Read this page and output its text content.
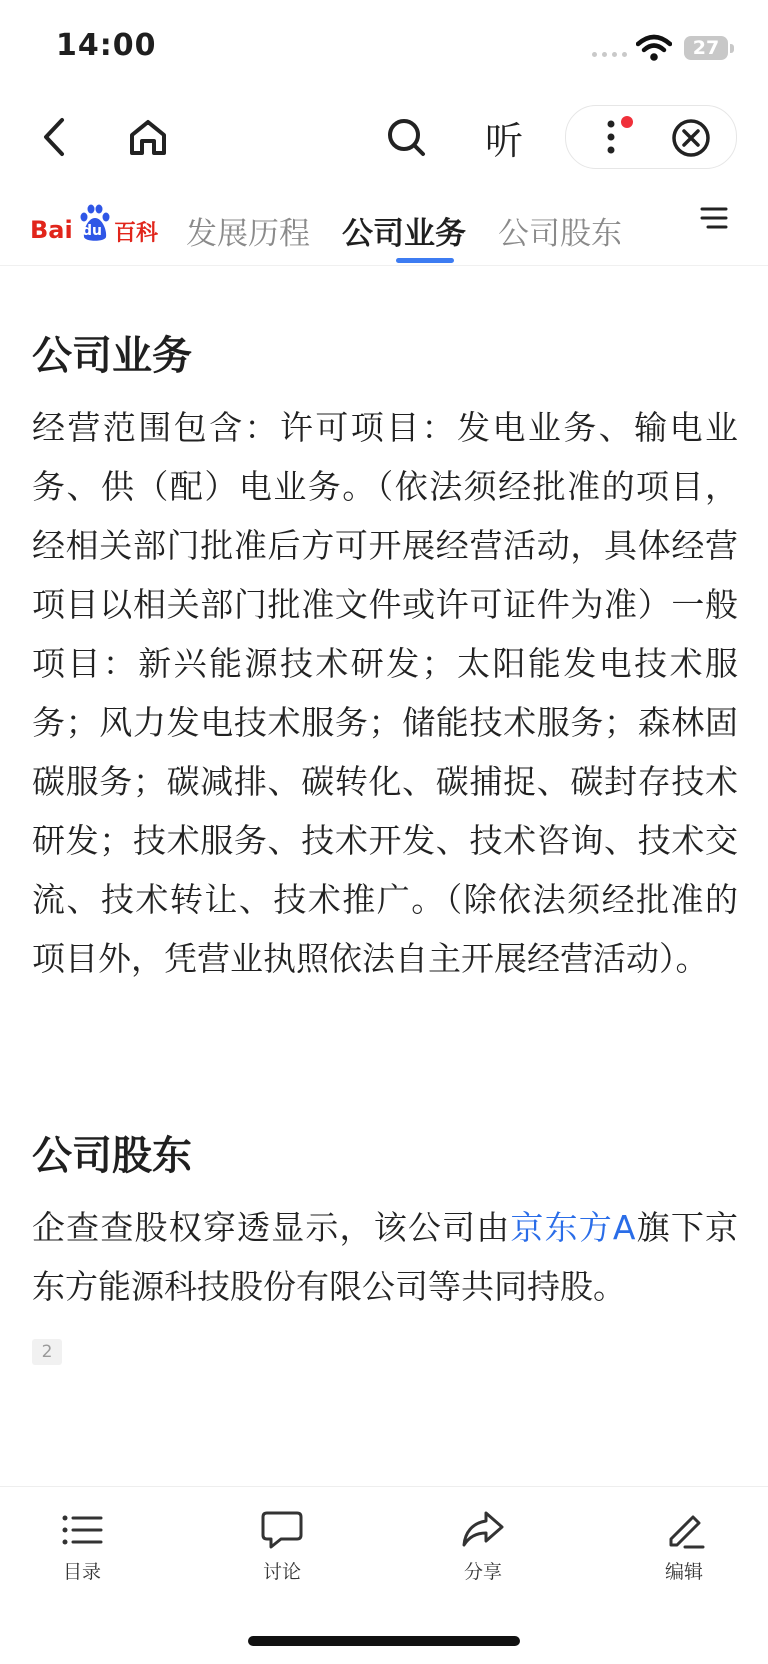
14:00	27
听
Bai du 百科 发展历程 公司业务 公司股东
公司业务
经营范围包含：许可项目：发电业务、输电业务、供（配）电业务。（依法须经批准的项目，经相关部门批准后方可开展经营活动，具体经营项目以相关部门批准文件或许可证件为准）一般项目：新兴能源技术研发；太阳能发电技术服务；风力发电技术服务；储能技术服务；森林固碳服务；碳减排、碳转化、碳捕捉、碳封存技术研发；技术服务、技术开发、技术咨询、技术交流、技术转让、技术推广。（除依法须经批准的项目外，凭营业执照依法自主开展经营活动）。
公司股东
企查查股权穿透显示，该公司由京东方A旗下京东方能源科技股份有限公司等共同持股。
2
目录	讨论	分享	编辑
